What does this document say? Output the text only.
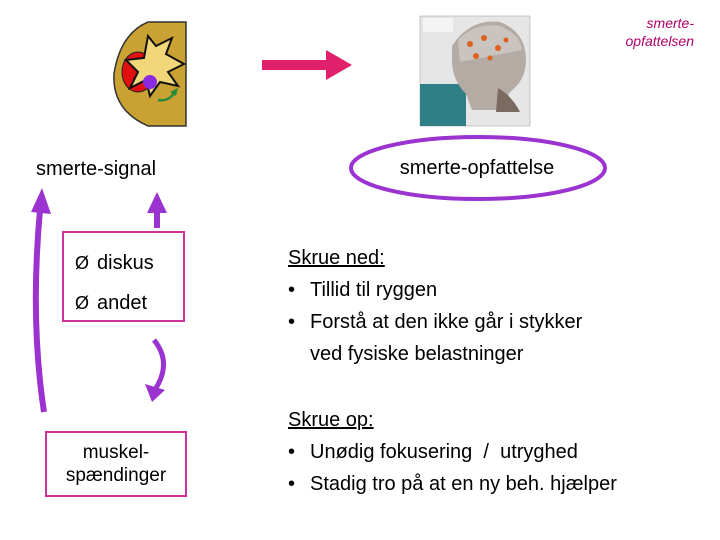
smerte-
opfattelsen
smerte-signal	smerte-opfattelse
Ø diskus
Ø andet
muskel-
spændinger
Skrue ned:
• Tillid til ryggen
• Forstå at den ikke går i stykker
ved fysiske belastninger
Skrue op:
• Unødig fokusering  /  utryghed
• Stadig tro på at en ny beh. hjælper
